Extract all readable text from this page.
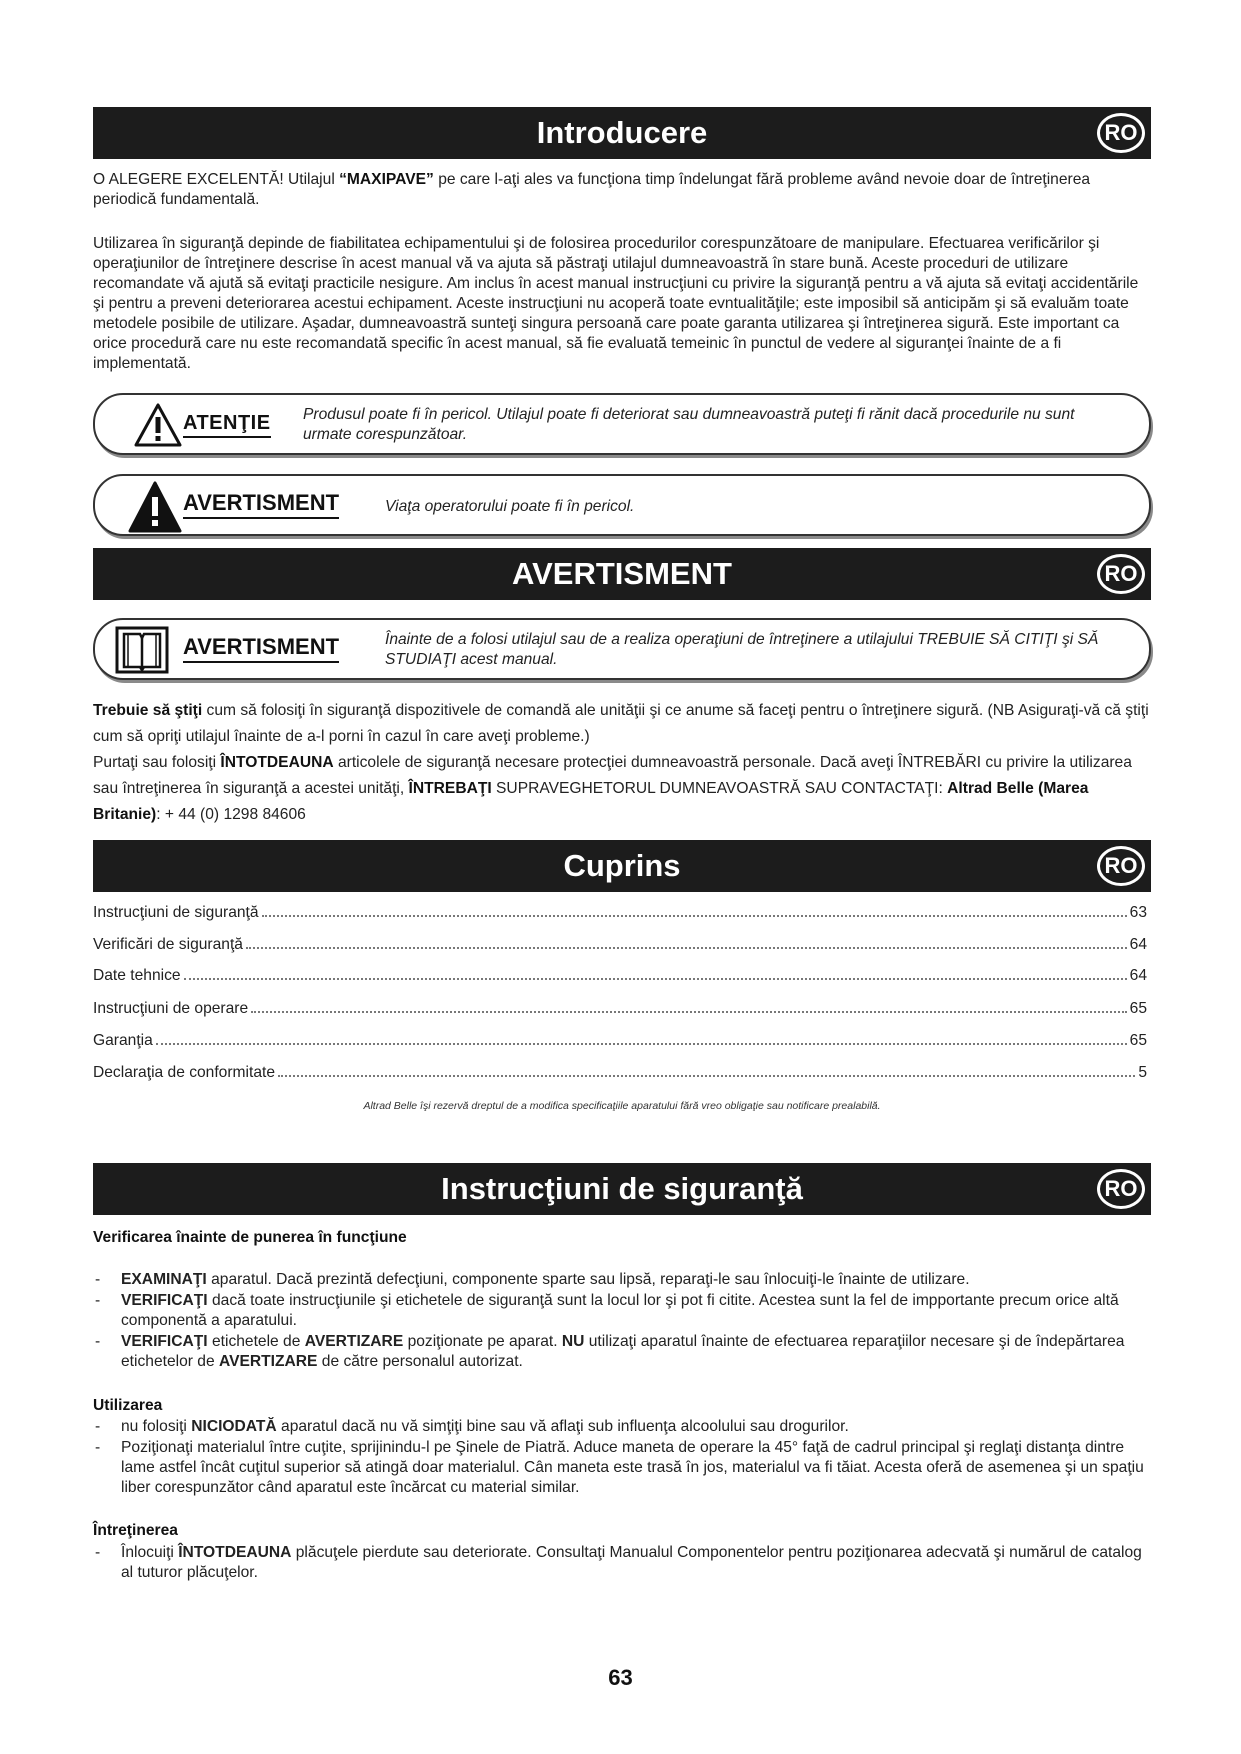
Introducere	RO

O ALEGERE EXCELENTĂ! Utilajul “MAXIPAVE” pe care l-aţi ales va funcţiona timp îndelungat fără probleme având nevoie doar de întreţinerea periodică fundamentală.

Utilizarea în siguranţă depinde de fiabilitatea echipamentului şi de folosirea procedurilor corespunzătoare de manipulare. Efectuarea verificărilor şi operaţiunilor de întreţinere descrise în acest manual vă va ajuta să păstraţi utilajul dumneavoastră în stare bună. Aceste proceduri de utilizare recomandate vă ajută să evitaţi practicile nesigure. Am inclus în acest manual instrucţiuni cu privire la siguranţă pentru a vă ajuta să evitaţi accidentările şi pentru a preveni deteriorarea acestui echipament. Aceste instrucţiuni nu acoperă toate evntualităţile; este imposibil să anticipăm şi să evaluăm toate metodele posibile de utilizare. Aşadar, dumneavoastră sunteţi singura persoană care poate garanta utilizarea şi întreţinerea sigură. Este important ca orice procedură care nu este recomandată specific în acest manual, să fie evaluată temeinic în punctul de vedere al siguranţei înainte de a fi implementată.

ATENŢIE Produsul poate fi în pericol. Utilajul poate fi deteriorat sau dumneavoastră puteţi fi rănit dacă procedurile nu sunt urmate corespunzătoar.
AVERTISMENT	Viaţa operatorului poate fi în pericol.
AVERTISMENT	RO
AVERTISMENT	Înainte de a folosi utilajul sau de a realiza operaţiuni de întreţinere a utilajului TREBUIE SĂ CITIŢI şi SĂ STUDIAŢI acest manual.

Trebuie să ştiţi cum să folosiţi în siguranţă dispozitivele de comandă ale unităţii şi ce anume să faceţi pentru o întreţinere sigură. (NB Asiguraţi-vă că ştiţi cum să opriţi utilajul înainte de a-l porni în cazul în care aveţi probleme.)

Purtaţi sau folosiţi ÎNTOTDEAUNA articolele de siguranţă necesare protecţiei dumneavoastră personale. Dacă aveţi ÎNTREBĂRI cu privire la utilizarea sau întreţinerea în siguranţă a acestei unităţi, ÎNTREBAŢI SUPRAVEGHETORUL DUMNEAVOASTRĂ SAU CONTACTAŢI: Altrad Belle (Marea Britanie): + 44 (0) 1298 84606

Cuprins	RO
Instrucţiuni de siguranţă	63
Verificări de siguranţă	64
Date tehnice	64
Instrucţiuni de operare	65
Garanţia	65
Declaraţia de conformitate	5
Altrad Belle îşi rezervă dreptul de a modifica specificaţiile aparatului fără vreo obligaţie sau notificare prealabilă.
Instrucţiuni de siguranţă	RO
Verificarea înainte de punerea în funcţiune
- EXAMINAŢI aparatul. Dacă prezintă defecţiuni, componente sparte sau lipsă, reparaţi-le sau înlocuiţi-le înainte de utilizare.
- VERIFICAŢI dacă toate instrucţiunile şi etichetele de siguranţă sunt la locul lor şi pot fi citite. Acestea sunt la fel de impportante precum orice altă componentă a aparatului.
- VERIFICAŢI etichetele de AVERTIZARE poziţionate pe aparat. NU utilizaţi aparatul înainte de efectuarea reparaţiilor necesare şi de îndepărtarea etichetelor de AVERTIZARE de către personalul autorizat.
Utilizarea
- nu folosiţi NICIODATĂ aparatul dacă nu vă simţiţi bine sau vă aflaţi sub influenţa alcoolului sau drogurilor.
- Poziţionaţi materialul între cuţite, sprijinindu-l pe Şinele de Piatră. Aduce maneta de operare la 45° faţă de cadrul principal şi reglaţi distanţa dintre lame astfel încât cuţitul superior să atingă doar materialul. Cân maneta este trasă în jos, materialul va fi tăiat. Acesta oferă de asemenea şi un spaţiu liber corespunzător când aparatul este încărcat cu material similar.
Întreţinerea
- Înlocuiţi ÎNTOTDEAUNA plăcuţele pierdute sau deteriorate. Consultaţi Manualul Componentelor pentru poziţionarea adecvată şi numărul de catalog al tuturor plăcuţelor.
63
